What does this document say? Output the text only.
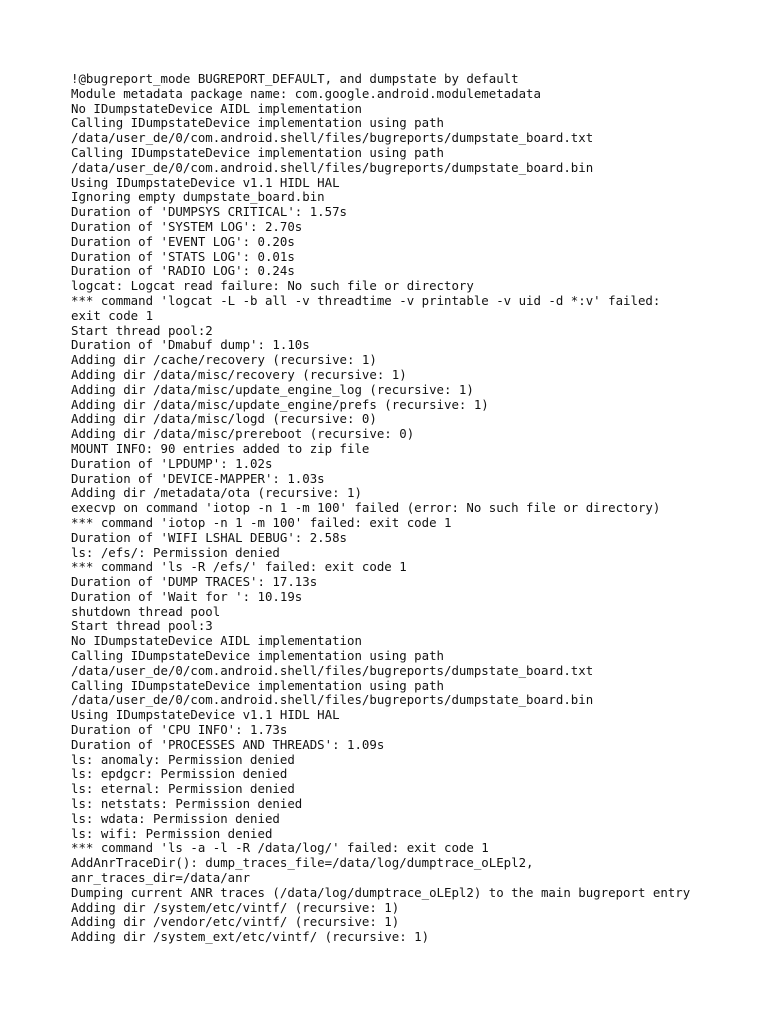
!@bugreport_mode BUGREPORT_DEFAULT, and dumpstate by default
Module metadata package name: com.google.android.modulemetadata
No IDumpstateDevice AIDL implementation
Calling IDumpstateDevice implementation using path
/data/user_de/0/com.android.shell/files/bugreports/dumpstate_board.txt
Calling IDumpstateDevice implementation using path
/data/user_de/0/com.android.shell/files/bugreports/dumpstate_board.bin
Using IDumpstateDevice v1.1 HIDL HAL
Ignoring empty dumpstate_board.bin
Duration of 'DUMPSYS CRITICAL': 1.57s
Duration of 'SYSTEM LOG': 2.70s
Duration of 'EVENT LOG': 0.20s
Duration of 'STATS LOG': 0.01s
Duration of 'RADIO LOG': 0.24s
logcat: Logcat read failure: No such file or directory
*** command 'logcat -L -b all -v threadtime -v printable -v uid -d *:v' failed:
exit code 1
Start thread pool:2
Duration of 'Dmabuf dump': 1.10s
Adding dir /cache/recovery (recursive: 1)
Adding dir /data/misc/recovery (recursive: 1)
Adding dir /data/misc/update_engine_log (recursive: 1)
Adding dir /data/misc/update_engine/prefs (recursive: 1)
Adding dir /data/misc/logd (recursive: 0)
Adding dir /data/misc/prereboot (recursive: 0)
MOUNT INFO: 90 entries added to zip file
Duration of 'LPDUMP': 1.02s
Duration of 'DEVICE-MAPPER': 1.03s
Adding dir /metadata/ota (recursive: 1)
execvp on command 'iotop -n 1 -m 100' failed (error: No such file or directory)
*** command 'iotop -n 1 -m 100' failed: exit code 1
Duration of 'WIFI LSHAL DEBUG': 2.58s
ls: /efs/: Permission denied
*** command 'ls -R /efs/' failed: exit code 1
Duration of 'DUMP TRACES': 17.13s
Duration of 'Wait for ': 10.19s
shutdown thread pool
Start thread pool:3
No IDumpstateDevice AIDL implementation
Calling IDumpstateDevice implementation using path
/data/user_de/0/com.android.shell/files/bugreports/dumpstate_board.txt
Calling IDumpstateDevice implementation using path
/data/user_de/0/com.android.shell/files/bugreports/dumpstate_board.bin
Using IDumpstateDevice v1.1 HIDL HAL
Duration of 'CPU INFO': 1.73s
Duration of 'PROCESSES AND THREADS': 1.09s
ls: anomaly: Permission denied
ls: epdgcr: Permission denied
ls: eternal: Permission denied
ls: netstats: Permission denied
ls: wdata: Permission denied
ls: wifi: Permission denied
*** command 'ls -a -l -R /data/log/' failed: exit code 1
AddAnrTraceDir(): dump_traces_file=/data/log/dumptrace_oLEpl2,
anr_traces_dir=/data/anr
Dumping current ANR traces (/data/log/dumptrace_oLEpl2) to the main bugreport entry
Adding dir /system/etc/vintf/ (recursive: 1)
Adding dir /vendor/etc/vintf/ (recursive: 1)
Adding dir /system_ext/etc/vintf/ (recursive: 1)
